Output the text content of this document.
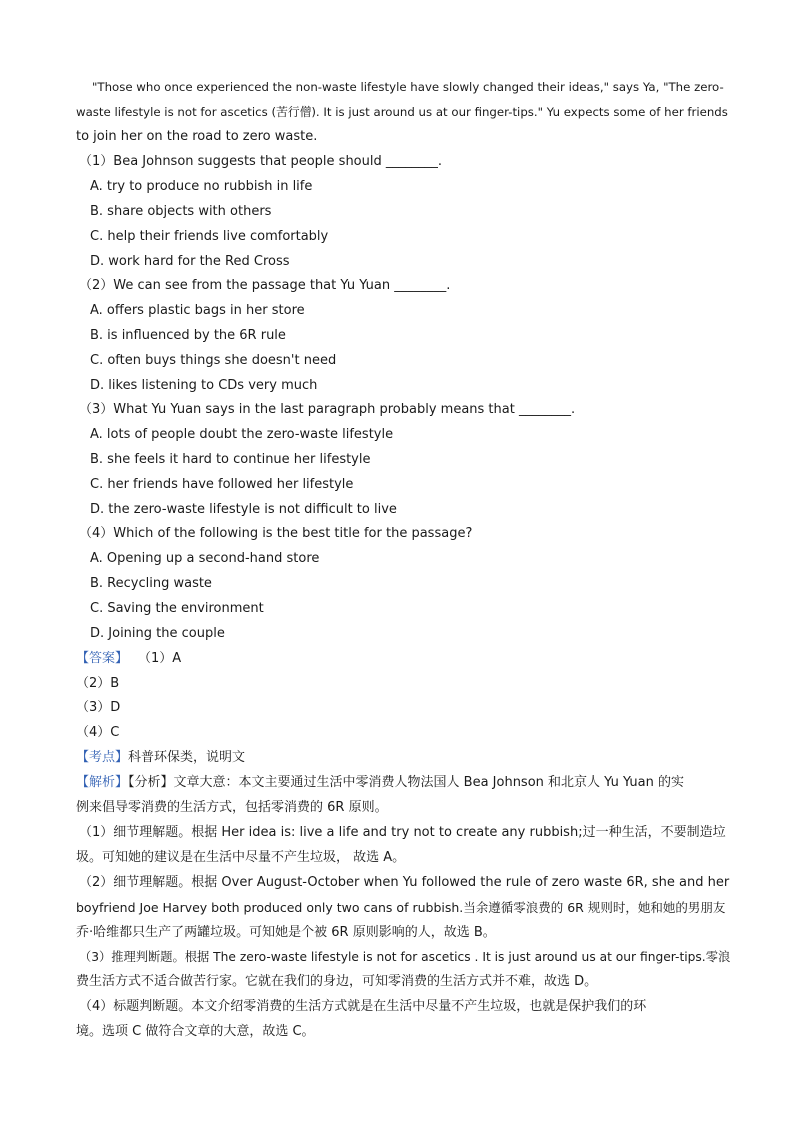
"Those who once experienced the non-waste lifestyle have slowly changed their ideas," says Ya, "The zero-
waste lifestyle is not for ascetics (苦行僧). It is just around us at our finger-tips." Yu expects some of her friends
to join her on the road to zero waste.
（1）Bea Johnson suggests that people should ________.
A. try to produce no rubbish in life
B. share objects with others
C. help their friends live comfortably
D. work hard for the Red Cross
（2）We can see from the passage that Yu Yuan ________.
A. offers plastic bags in her store
B. is influenced by the 6R rule
C. often buys things she doesn't need
D. likes listening to CDs very much
（3）What Yu Yuan says in the last paragraph probably means that ________.
A. lots of people doubt the zero-waste lifestyle
B. she feels it hard to continue her lifestyle
C. her friends have followed her lifestyle
D. the zero-waste lifestyle is not difficult to live
（4）Which of the following is the best title for the passage?
A. Opening up a second-hand store
B. Recycling waste
C. Saving the environment
D. Joining the couple
【答案】 （1）A
（2）B
（3）D
（4）C
【考点】科普环保类，说明文
【解析】【分析】文章大意：本文主要通过生活中零消费人物法国人 Bea Johnson 和北京人 Yu Yuan 的实
例来倡导零消费的生活方式，包括零消费的 6R 原则。
（1）细节理解题。根据 Her idea is: live a life and try not to create any rubbish;过一种生活，不要制造垃
圾。可知她的建议是在生活中尽量不产生垃圾， 故选 A。
（2）细节理解题。根据 Over August-October when Yu followed the rule of zero waste 6R, she and her
boyfriend Joe Harvey both produced only two cans of rubbish.当余遵循零浪费的 6R 规则时，她和她的男朋友
乔·哈维都只生产了两罐垃圾。可知她是个被 6R 原则影响的人，故选 B。
（3）推理判断题。根据 The zero-waste lifestyle is not for ascetics . It is just around us at our finger-tips.零浪
费生活方式不适合做苦行家。它就在我们的身边，可知零消费的生活方式并不难，故选 D。
（4）标题判断题。本文介绍零消费的生活方式就是在生活中尽量不产生垃圾，也就是保护我们的环
境。选项 C 做符合文章的大意，故选 C。
